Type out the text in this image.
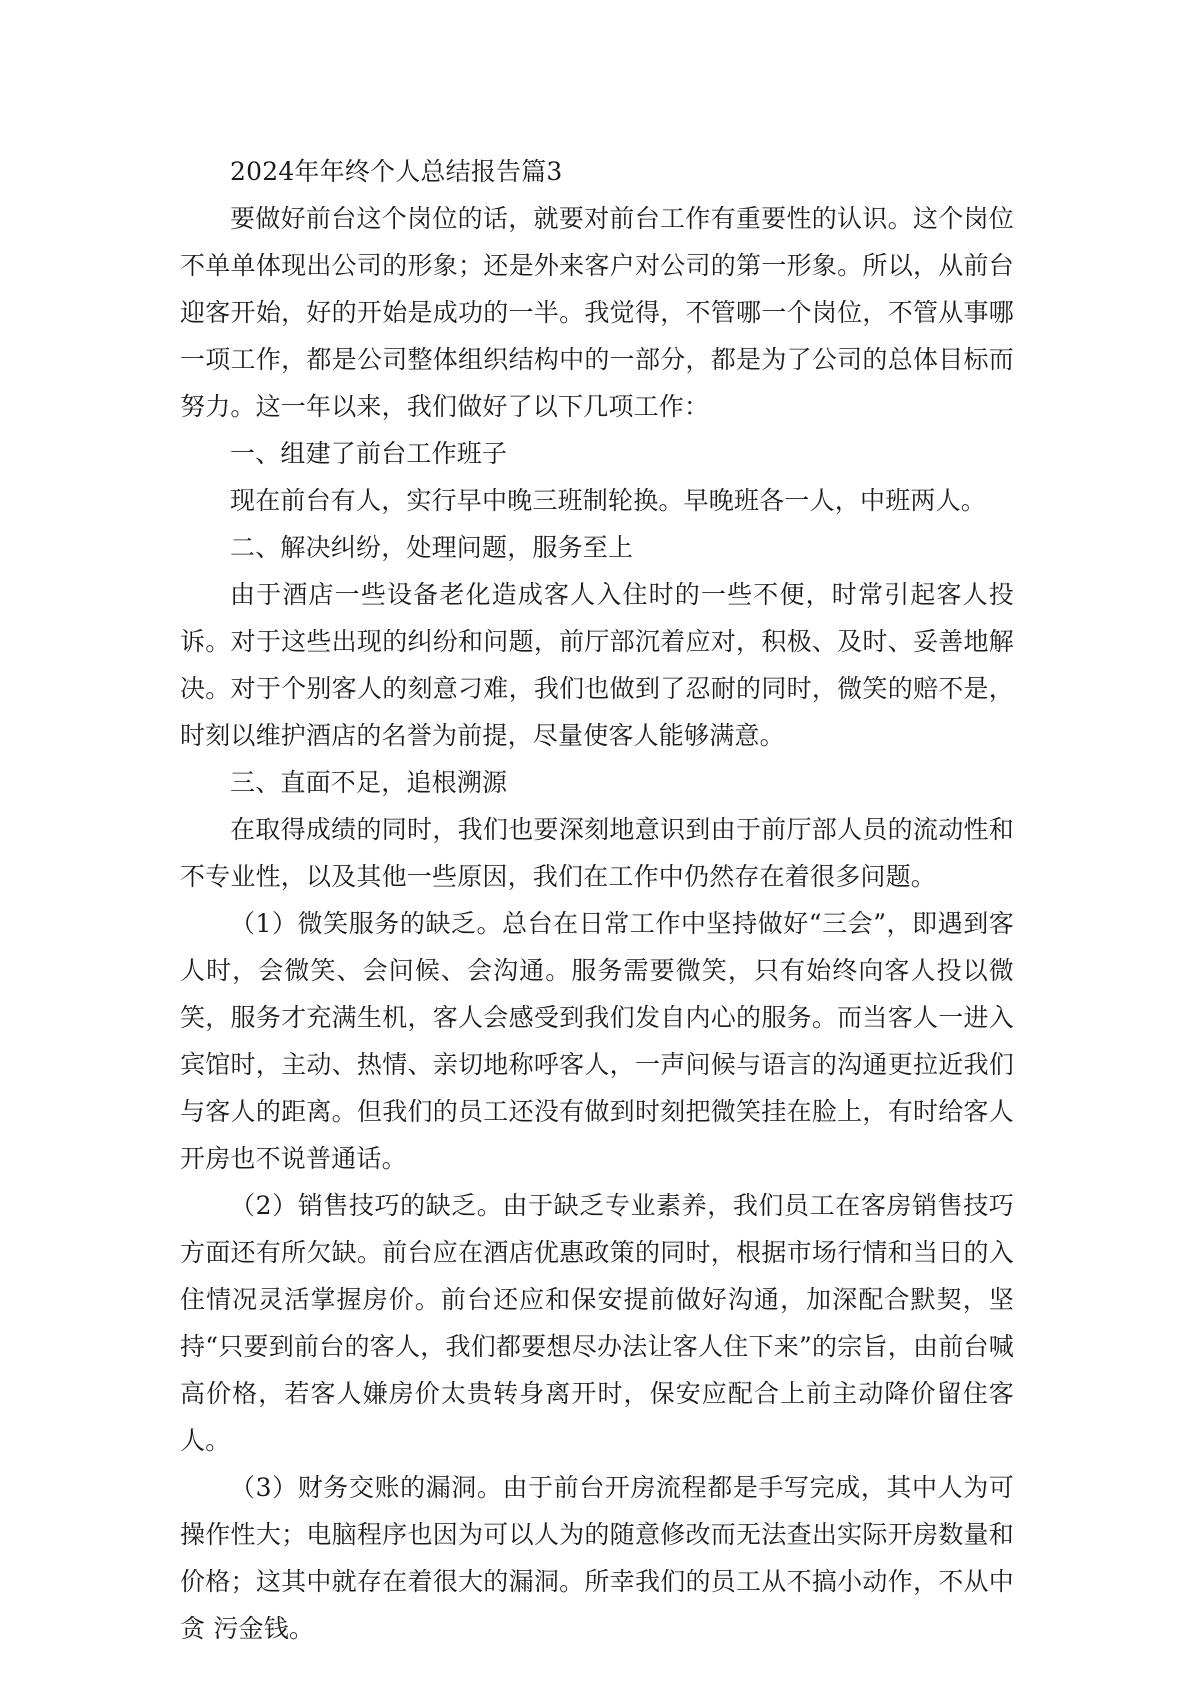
2024年年终个人总结报告篇3

要做好前台这个岗位的话，就要对前台工作有重要性的认识。这个岗位不单单体现出公司的形象；还是外来客户对公司的第一形象。所以，从前台迎客开始，好的开始是成功的一半。我觉得，不管哪一个岗位，不管从事哪一项工作，都是公司整体组织结构中的一部分，都是为了公司的总体目标而努力。这一年以来，我们做好了以下几项工作：

一、组建了前台工作班子

现在前台有人，实行早中晚三班制轮换。早晚班各一人，中班两人。

二、解决纠纷，处理问题，服务至上

由于酒店一些设备老化造成客人入住时的一些不便，时常引起客人投诉。对于这些出现的纠纷和问题，前厅部沉着应对，积极、及时、妥善地解决。对于个别客人的刻意刁难，我们也做到了忍耐的同时，微笑的赔不是，时刻以维护酒店的名誉为前提，尽量使客人能够满意。

三、直面不足，追根溯源

在取得成绩的同时，我们也要深刻地意识到由于前厅部人员的流动性和不专业性，以及其他一些原因，我们在工作中仍然存在着很多问题。

（1）微笑服务的缺乏。总台在日常工作中坚持做好“三会”，即遇到客人时，会微笑、会问候、会沟通。服务需要微笑，只有始终向客人投以微笑，服务才充满生机，客人会感受到我们发自内心的服务。而当客人一进入宾馆时，主动、热情、亲切地称呼客人，一声问候与语言的沟通更拉近我们与客人的距离。但我们的员工还没有做到时刻把微笑挂在脸上，有时给客人开房也不说普通话。

（2）销售技巧的缺乏。由于缺乏专业素养，我们员工在客房销售技巧方面还有所欠缺。前台应在酒店优惠政策的同时，根据市场行情和当日的入住情况灵活掌握房价。前台还应和保安提前做好沟通，加深配合默契，坚持“只要到前台的客人，我们都要想尽办法让客人住下来”的宗旨，由前台喊高价格，若客人嫌房价太贵转身离开时，保安应配合上前主动降价留住客人。

（3）财务交账的漏洞。由于前台开房流程都是手写完成，其中人为可操作性大；电脑程序也因为可以人为的随意修改而无法查出实际开房数量和价格；这其中就存在着很大的漏洞。所幸我们的员工从不搞小动作，不从中贪 污金钱。
